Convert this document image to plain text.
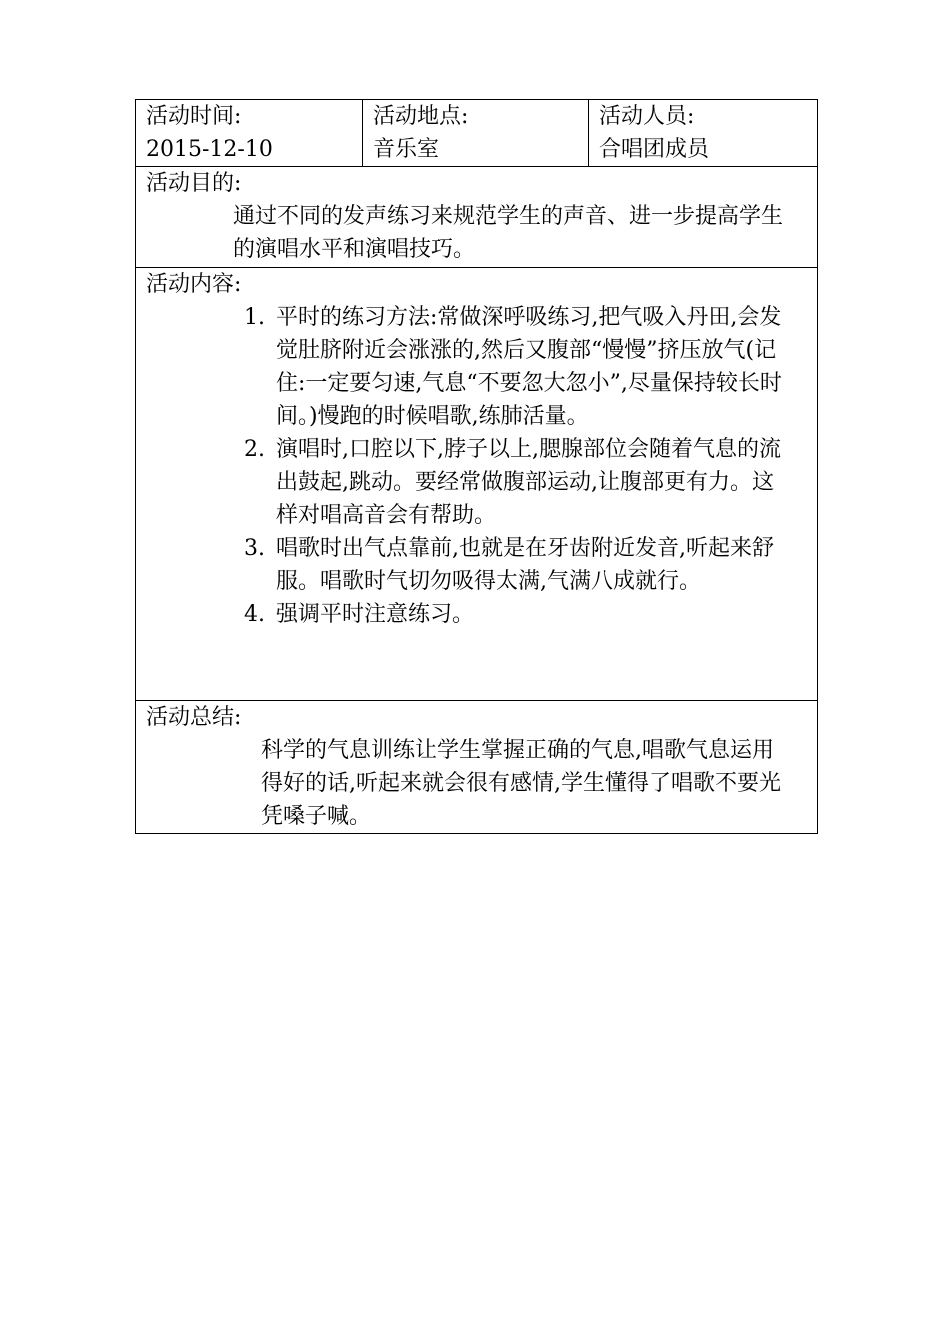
活动时间:
2015-12-10

活动地点:
音乐室

活动人员:
合唱团成员

活动目的:
通过不同的发声练习来规范学生的声音、进一步提高学生的演唱水平和演唱技巧。

活动内容:
1. 平时的练习方法:常做深呼吸练习,把气吸入丹田,会发觉肚脐附近会涨涨的,然后又腹部“慢慢”挤压放气(记住:一定要匀速,气息“不要忽大忽小”,尽量保持较长时间。)慢跑的时候唱歌,练肺活量。
2. 演唱时,口腔以下,脖子以上,腮腺部位会随着气息的流出鼓起,跳动。要经常做腹部运动,让腹部更有力。这样对唱高音会有帮助。
3. 唱歌时出气点靠前,也就是在牙齿附近发音,听起来舒服。唱歌时气切勿吸得太满,气满八成就行。
4. 强调平时注意练习。

活动总结:
科学的气息训练让学生掌握正确的气息,唱歌气息运用得好的话,听起来就会很有感情,学生懂得了唱歌不要光凭嗓子喊。
